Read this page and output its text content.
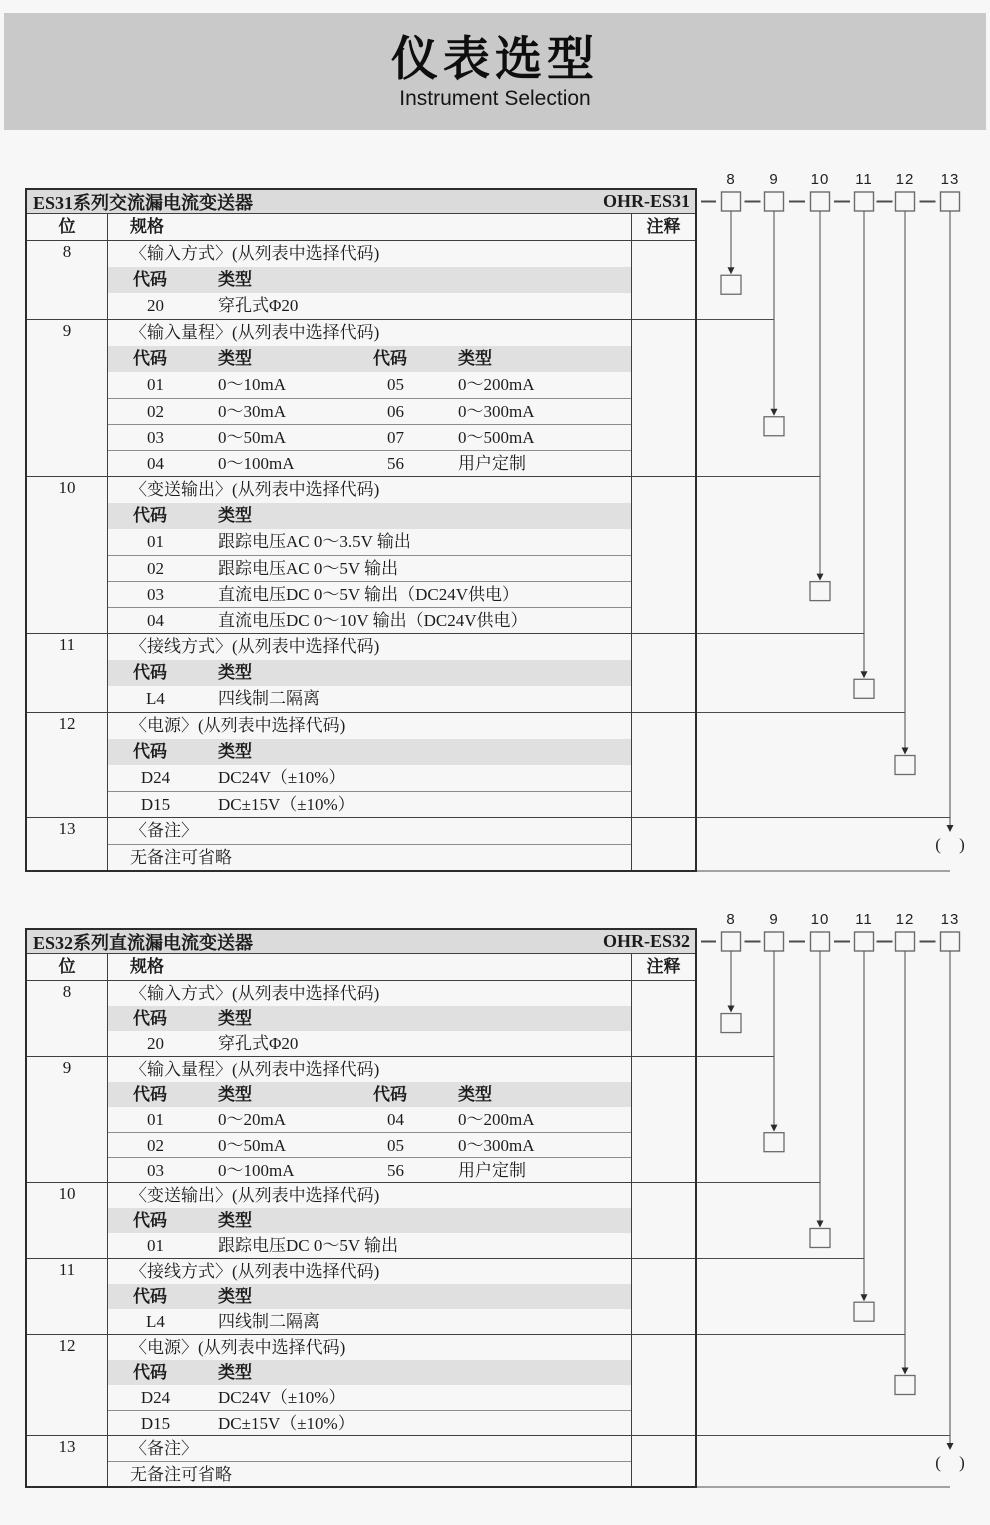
仪表选型
Instrument Selection
8	9	10	11	12	13
8	9	10	11	12	13
( )
( )
ES31系列交流漏电流变送器	OHR-ES31
位	规格	注释
8	〈输入方式〉(从列表中选择代码)
代码	类型
20	穿孔式Φ20
9	〈输入量程〉(从列表中选择代码)
代码	类型	代码	类型
01	0～10mA	05	0～200mA
02	0～30mA	06	0～300mA
03	0～50mA	07	0～500mA
04	0～100mA	56	用户定制
10	〈变送输出〉(从列表中选择代码)
代码	类型
01	跟踪电压AC 0～3.5V 输出
02	跟踪电压AC 0～5V 输出
03	直流电压DC 0～5V 输出（DC24V供电）
04	直流电压DC 0～10V 输出（DC24V供电）
11	〈接线方式〉(从列表中选择代码)
代码	类型
L4	四线制二隔离
12	〈电源〉(从列表中选择代码)
代码	类型
D24	DC24V（±10%）
D15	DC±15V（±10%）
13	〈备注〉
无备注可省略
ES32系列直流漏电流变送器	OHR-ES32
位	规格	注释
8	〈输入方式〉(从列表中选择代码)
代码	类型
20	穿孔式Φ20
9	〈输入量程〉(从列表中选择代码)
代码	类型	代码	类型
01	0～20mA	04	0～200mA
02	0～50mA	05	0～300mA
03	0～100mA	56	用户定制
10	〈变送输出〉(从列表中选择代码)
代码	类型
01	跟踪电压DC 0～5V 输出
11	〈接线方式〉(从列表中选择代码)
代码	类型
L4	四线制二隔离
12	〈电源〉(从列表中选择代码)
代码	类型
D24	DC24V（±10%）
D15	DC±15V（±10%）
13	〈备注〉
无备注可省略
